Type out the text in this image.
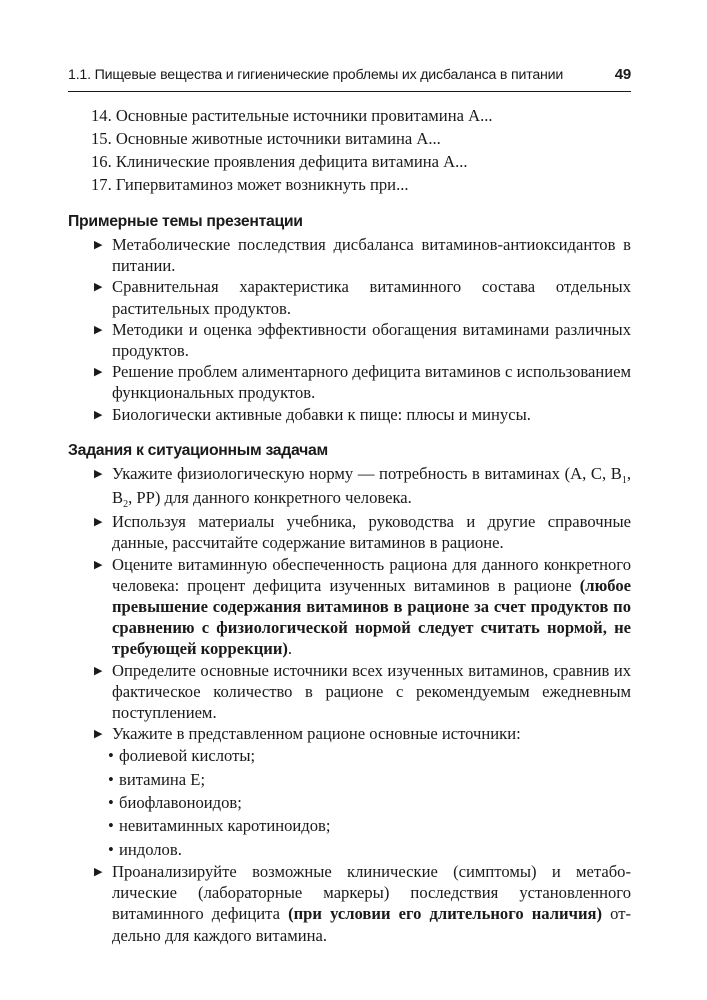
1.1. Пищевые вещества и гигиенические проблемы их дисбаланса в питании	49
14. Основные растительные источники провитамина А...
15. Основные животные источники витамина А...
16. Клинические проявления дефицита витамина А...
17. Гипервитаминоз может возникнуть при...
Примерные темы презентации
▶ Метаболические последствия дисбаланса витаминов-антиоксидантов в питании.
▶ Сравнительная характеристика витаминного состава отдельных растительных продуктов.
▶ Методики и оценка эффективности обогащения витаминами различных продуктов.
▶ Решение проблем алиментарного дефицита витаминов с использованием функциональных продуктов.
▶ Биологически активные добавки к пище: плюсы и минусы.
Задания к ситуационным задачам
▶ Укажите физиологическую норму — потребность в витаминах (А, С, $В_1$, $В_2$, РР) для данного конкретного человека.
▶ Используя материалы учебника, руководства и другие справочные данные, рассчитайте содержание витаминов в рационе.
▶ Оцените витаминную обеспеченность рациона для данного конкретного человека: процент дефицита изученных витаминов в рационе (любое превышение содержания витаминов в рационе за счет продуктов по сравнению с физиологической нормой следует считать нормой, не требующей коррекции).
▶ Определите основные источники всех изученных витаминов, сравнив их фактическое количество в рационе с рекомендуемым ежедневным поступлением.
▶ Укажите в представленном рационе основные источники:
• фолиевой кислоты;
• витамина Е;
• биофлавоноидов;
• невитаминных каротиноидов;
• индолов.
▶ Проанализируйте возможные клинические (симптомы) и метаболические (лабораторные маркеры) последствия установленного витаминного дефицита (при условии его длительного наличия) отдельно для каждого витамина.
